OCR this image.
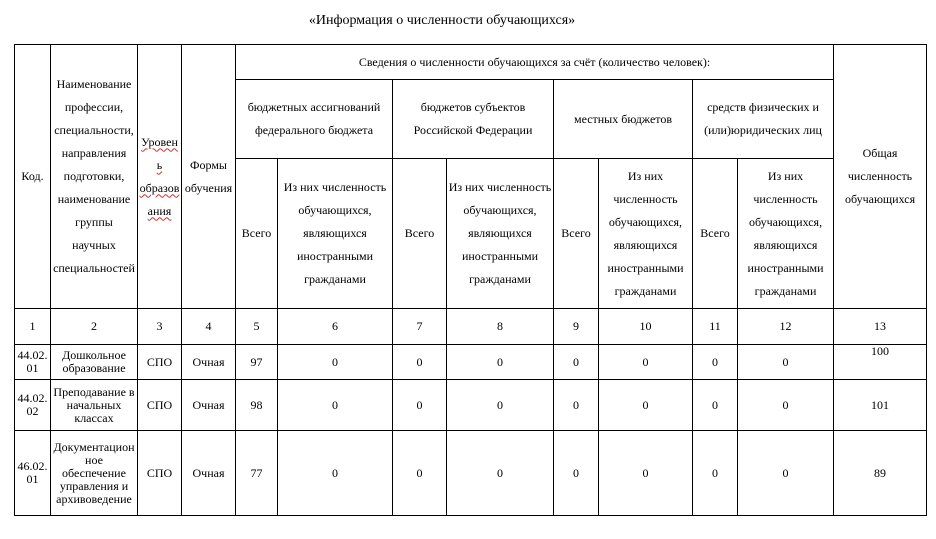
«Информация о численности обучающихся»
Код.	Наименование профессии, специальности, направления подготовки, наименование группы научных специальностей	Уровень образования	Формы обучения	Сведения о численности обучающихся за счёт (количество человек):								Общая численность обучающихся
				бюджетных ассигнований федерального бюджета		бюджетов субъектов Российской Федерации		местных бюджетов		средств физических и (или)юридических лиц		
				Всего	Из них численность обучающихся, являющихся иностранными гражданами	Всего	Из них численность обучающихся, являющихся иностранными гражданами	Всего	Из них численность обучающихся, являющихся иностранными гражданами	Всего	Из них численность обучающихся, являющихся иностранными гражданами	
1	2	3	4	5	6	7	8	9	10	11	12	13
44.02.01	Дошкольное образование	СПО	Очная	97	0	0	0	0	0	0	0	100
44.02.02	Преподавание в начальных классах	СПО	Очная	98	0	0	0	0	0	0	0	101
46.02.01	Документационное обеспечение управления и архивоведение	СПО	Очная	77	0	0	0	0	0	0	0	89
